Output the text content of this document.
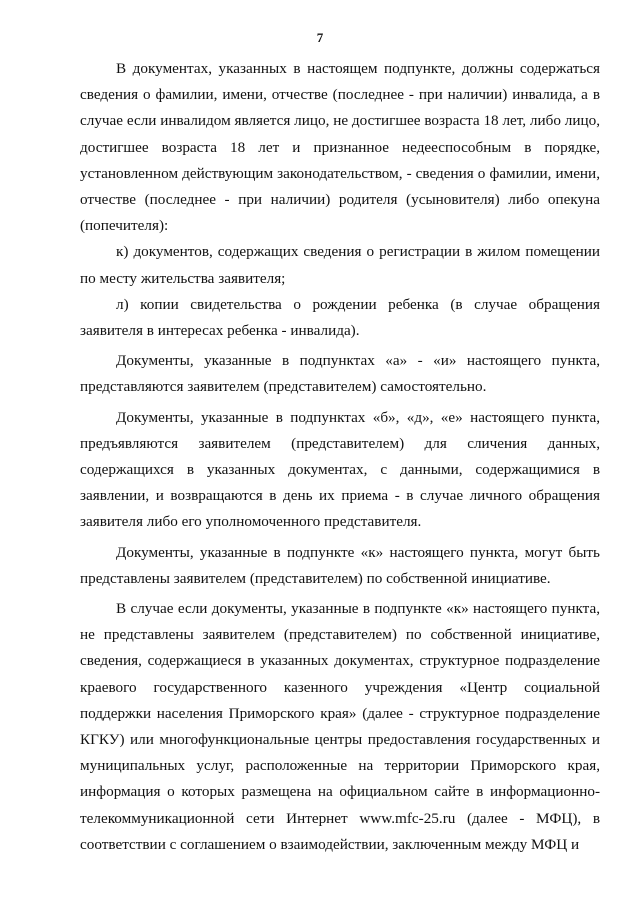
7

В документах, указанных в настоящем подпункте, должны содержаться сведения о фамилии, имени, отчестве (последнее - при наличии) инвалида, а в случае если инвалидом является лицо, не достигшее возраста 18 лет, либо лицо, достигшее возраста 18 лет и признанное недееспособным в порядке, установленном действующим законодательством, - сведения о фамилии, имени, отчестве (последнее - при наличии) родителя (усыновителя) либо опекуна (попечителя):

к) документов, содержащих сведения о регистрации в жилом помещении по месту жительства заявителя;

л) копии свидетельства о рождении ребенка (в случае обращения заявителя в интересах ребенка - инвалида).

Документы, указанные в подпунктах «а» - «и» настоящего пункта, представляются заявителем (представителем) самостоятельно.

Документы, указанные в подпунктах «б», «д», «е» настоящего пункта, предъявляются заявителем (представителем) для сличения данных, содержащихся в указанных документах, с данными, содержащимися в заявлении, и возвращаются в день их приема - в случае личного обращения заявителя либо его уполномоченного представителя.

Документы, указанные в подпункте «к» настоящего пункта, могут быть представлены заявителем (представителем) по собственной инициативе.

В случае если документы, указанные в подпункте «к» настоящего пункта, не представлены заявителем (представителем) по собственной инициативе, сведения, содержащиеся в указанных документах, структурное подразделение краевого государственного казенного учреждения «Центр социальной поддержки населения Приморского края» (далее - структурное подразделение КГКУ) или многофункциональные центры предоставления государственных и муниципальных услуг, расположенные на территории Приморского края, информация о которых размещена на официальном сайте в информационно-телекоммуникационной сети Интернет www.mfc-25.ru (далее - МФЦ), в соответствии с соглашением о взаимодействии, заключенным между МФЦ и
